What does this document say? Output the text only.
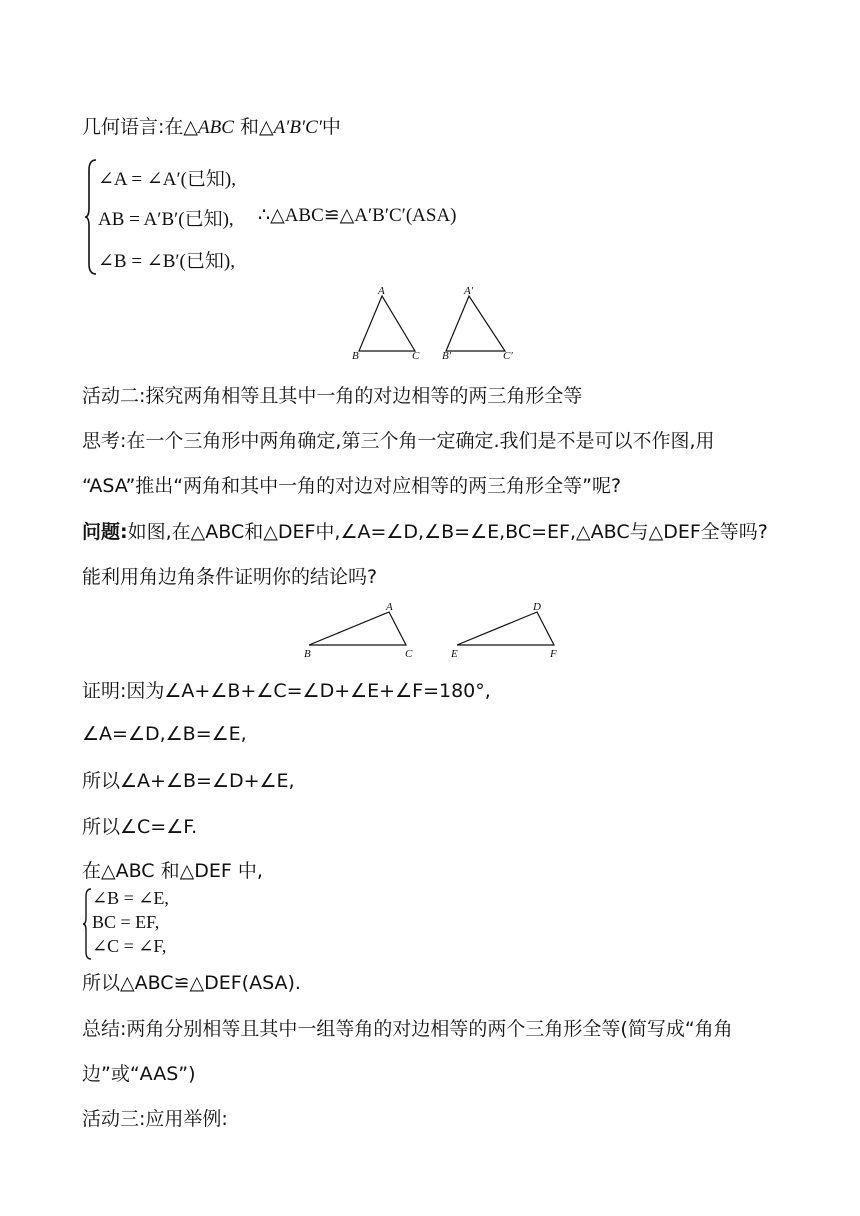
几何语言:在△ABC 和△A′B′C′中
∠A = ∠A′(已知),
AB = A′B′(已知),
∠B = ∠B′(已知),
∴△ABC≌△A′B′C′(ASA)
A
B	C
A′
B′	C′
活动二:探究两角相等且其中一角的对边相等的两三角形全等
思考:在一个三角形中两角确定,第三个角一定确定.我们是不是可以不作图,用
“ASA”推出“两角和其中一角的对边对应相等的两三角形全等”呢?
问题:如图,在△ABC和△DEF中,∠A=∠D,∠B=∠E,BC=EF,△ABC与△DEF全等吗?
能利用角边角条件证明你的结论吗?
A
B	C
D
E	F
证明:因为∠A+∠B+∠C=∠D+∠E+∠F=180°,
∠A=∠D,∠B=∠E,
所以∠A+∠B=∠D+∠E,
所以∠C=∠F.
在△ABC 和△DEF 中,
∠B = ∠E,
BC = EF,
∠C = ∠F,
所以△ABC≌△DEF(ASA).
总结:两角分别相等且其中一组等角的对边相等的两个三角形全等(简写成“角角
边”或“AAS”)
活动三:应用举例:
